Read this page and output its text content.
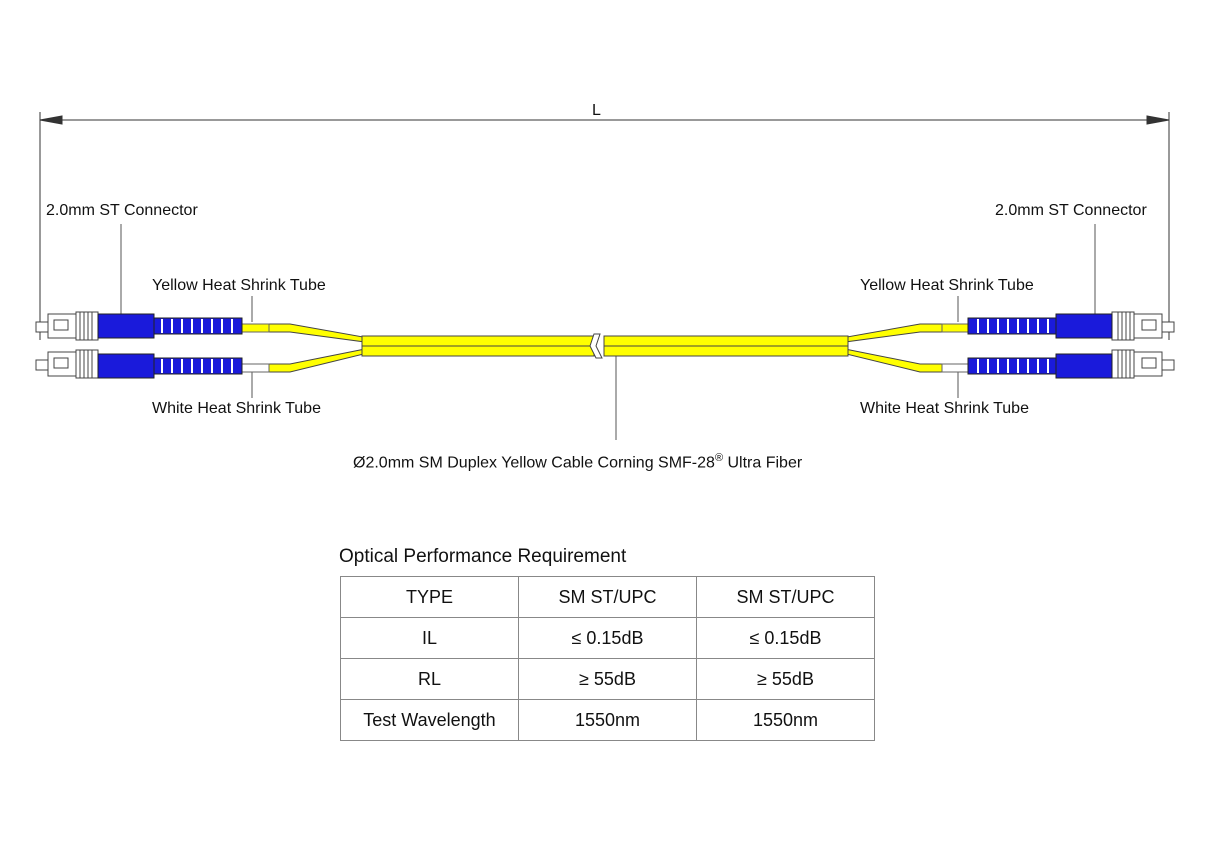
L
2.0mm ST Connector	2.0mm ST Connector
Yellow Heat Shrink Tube	Yellow Heat Shrink Tube
White Heat Shrink Tube	White Heat Shrink Tube
Ø2.0mm SM Duplex Yellow Cable Corning SMF-28® Ultra Fiber
Optical Performance Requirement
TYPE	SM ST/UPC	SM ST/UPC
IL	≤ 0.15dB	≤ 0.15dB
RL	≥ 55dB	≥ 55dB
Test Wavelength	1550nm	1550nm
